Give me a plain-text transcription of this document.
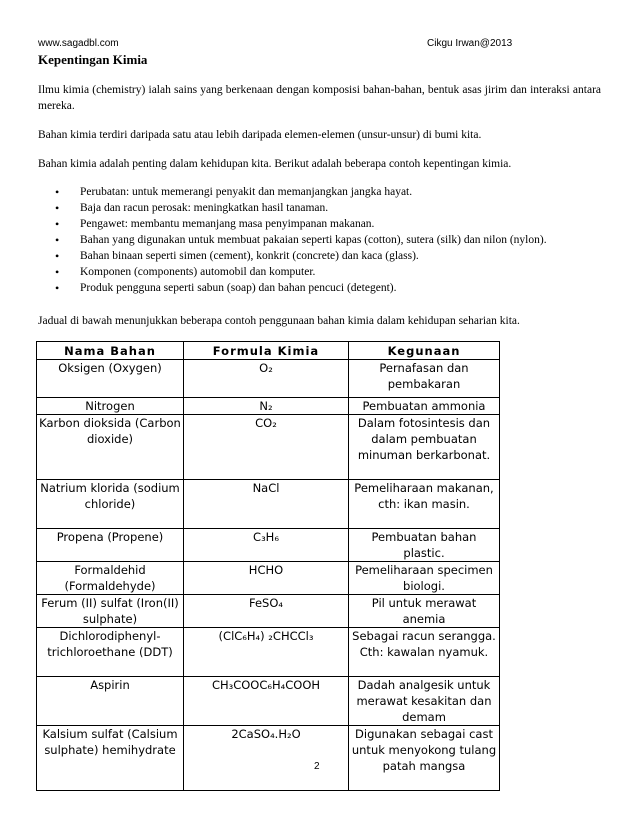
www.sagadbl.com	Cikgu Irwan@2013
Kepentingan Kimia
Ilmu kimia (chemistry) ialah sains yang berkenaan dengan komposisi bahan-bahan, bentuk asas jirim dan interaksi antara mereka.
Bahan kimia terdiri daripada satu atau lebih daripada elemen-elemen (unsur-unsur) di bumi kita.
Bahan kimia adalah penting dalam kehidupan kita. Berikut adalah beberapa contoh kepentingan kimia.
• Perubatan: untuk memerangi penyakit dan memanjangkan jangka hayat.
• Baja dan racun perosak: meningkatkan hasil tanaman.
• Pengawet: membantu memanjang masa penyimpanan makanan.
• Bahan yang digunakan untuk membuat pakaian seperti kapas (cotton), sutera (silk) dan nilon (nylon).
• Bahan binaan seperti simen (cement), konkrit (concrete) dan kaca (glass).
• Komponen (components) automobil dan komputer.
• Produk pengguna seperti sabun (soap) dan bahan pencuci (detegent).
Jadual di bawah menunjukkan beberapa contoh penggunaan bahan kimia dalam kehidupan seharian kita.
Nama Bahan	Formula Kimia	Kegunaan
Oksigen (Oxygen)	O₂	Pernafasan dan pembakaran
Nitrogen	N₂	Pembuatan ammonia
Karbon dioksida (Carbon dioxide)	CO₂	Dalam fotosintesis dan dalam pembuatan minuman berkarbonat.
Natrium klorida (sodium chloride)	NaCl	Pemeliharaan makanan, cth: ikan masin.
Propena (Propene)	C₃H₆	Pembuatan bahan plastic.
Formaldehid (Formaldehyde)	HCHO	Pemeliharaan specimen biologi.
Ferum (II) sulfat (Iron(II) sulphate)	FeSO₄	Pil untuk merawat anemia
Dichlorodiphenyl-trichloroethane (DDT)	(ClC₆H₄) ₂CHCCl₃	Sebagai racun serangga. Cth: kawalan nyamuk.
Aspirin	CH₃COOC₆H₄COOH	Dadah analgesik untuk merawat kesakitan dan demam
Kalsium sulfat (Calsium sulphate) hemihydrate	2CaSO₄.H₂O	Digunakan sebagai cast untuk menyokong tulang patah mangsa
2
